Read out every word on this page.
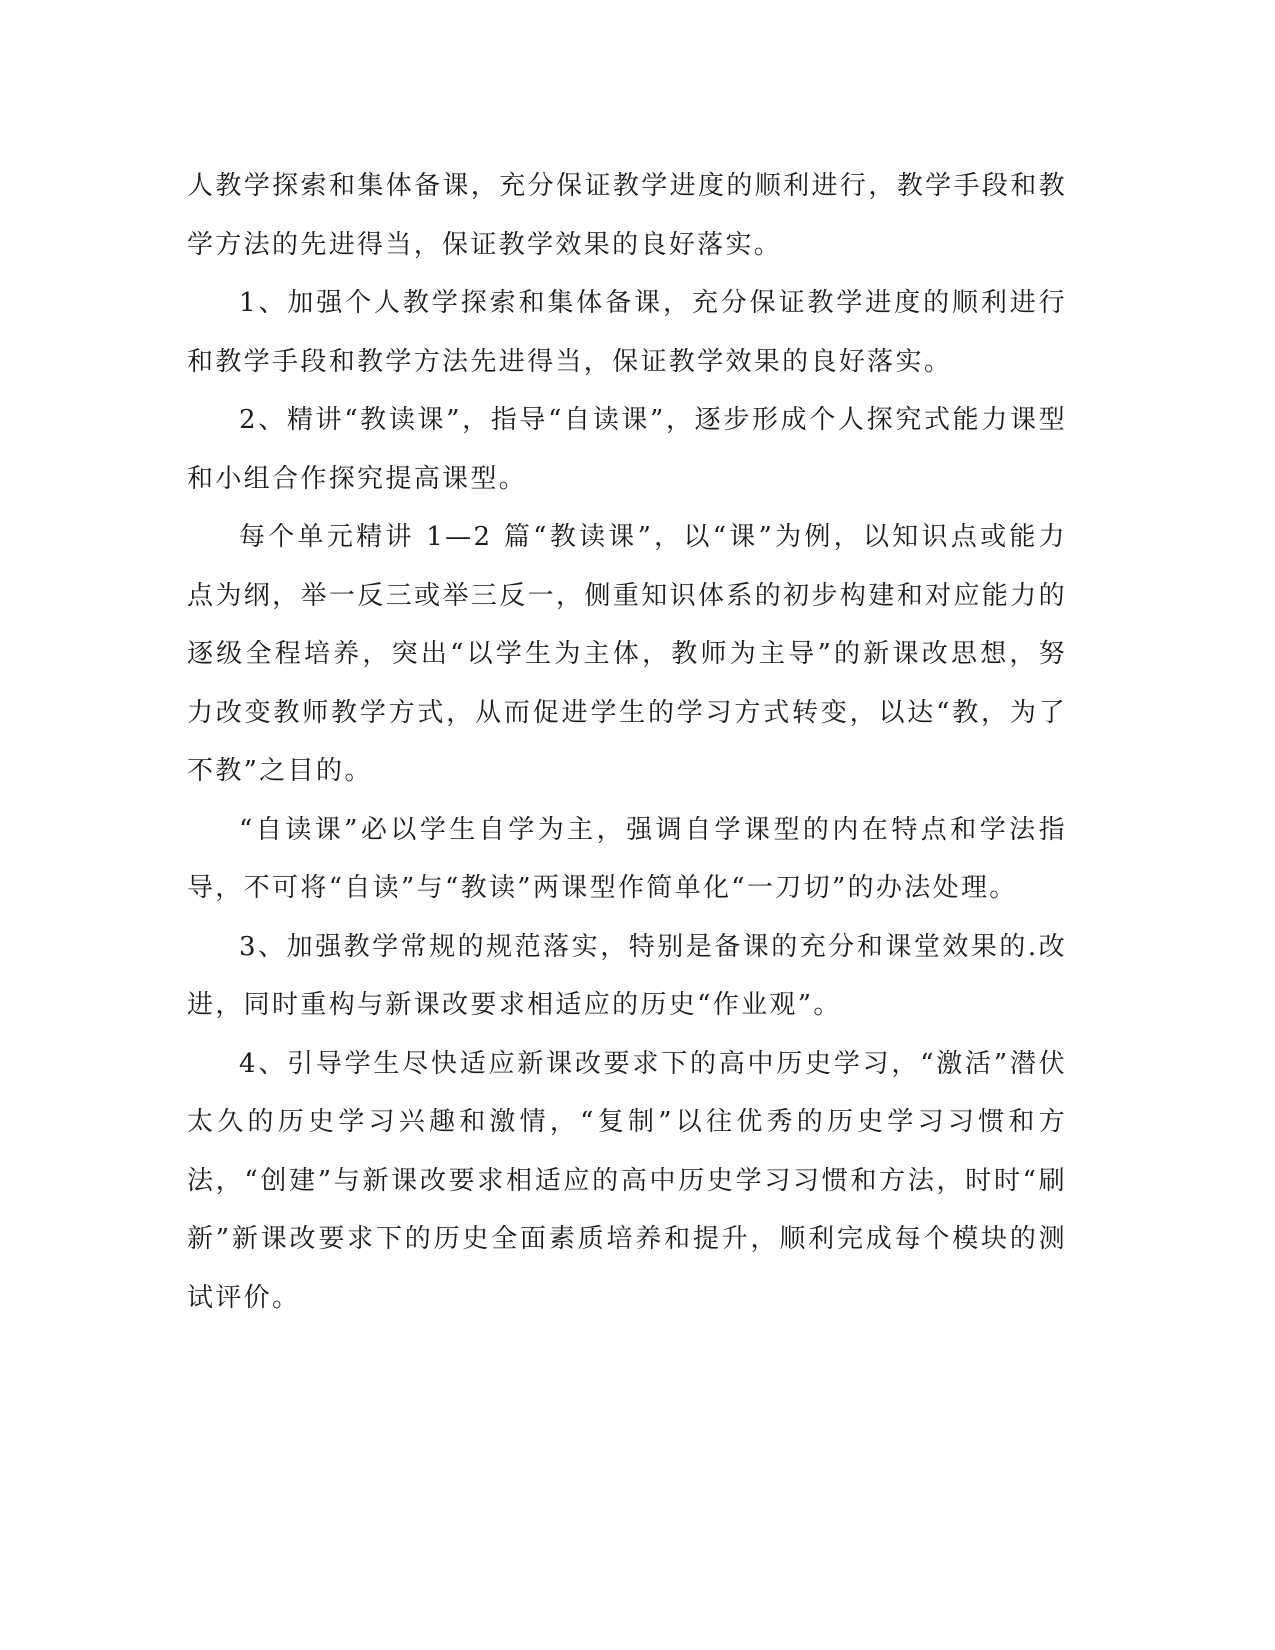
人教学探索和集体备课，充分保证教学进度的顺利进行，教学手段和教学方法的先进得当，保证教学效果的良好落实。

1、加强个人教学探索和集体备课，充分保证教学进度的顺利进行和教学手段和教学方法先进得当，保证教学效果的良好落实。

2、精讲“教读课”，指导“自读课”，逐步形成个人探究式能力课型和小组合作探究提高课型。

每个单元精讲 1—2 篇“教读课”，以“课”为例，以知识点或能力点为纲，举一反三或举三反一，侧重知识体系的初步构建和对应能力的逐级全程培养，突出“以学生为主体，教师为主导”的新课改思想，努力改变教师教学方式，从而促进学生的学习方式转变，以达“教，为了不教”之目的。

“自读课”必以学生自学为主，强调自学课型的内在特点和学法指导，不可将“自读”与“教读”两课型作简单化“一刀切”的办法处理。

3、加强教学常规的规范落实，特别是备课的充分和课堂效果的.改进，同时重构与新课改要求相适应的历史“作业观”。

4、引导学生尽快适应新课改要求下的高中历史学习，“激活”潜伏太久的历史学习兴趣和激情，“复制”以往优秀的历史学习习惯和方法，“创建”与新课改要求相适应的高中历史学习习惯和方法，时时“刷新”新课改要求下的历史全面素质培养和提升，顺利完成每个模块的测试评价。
